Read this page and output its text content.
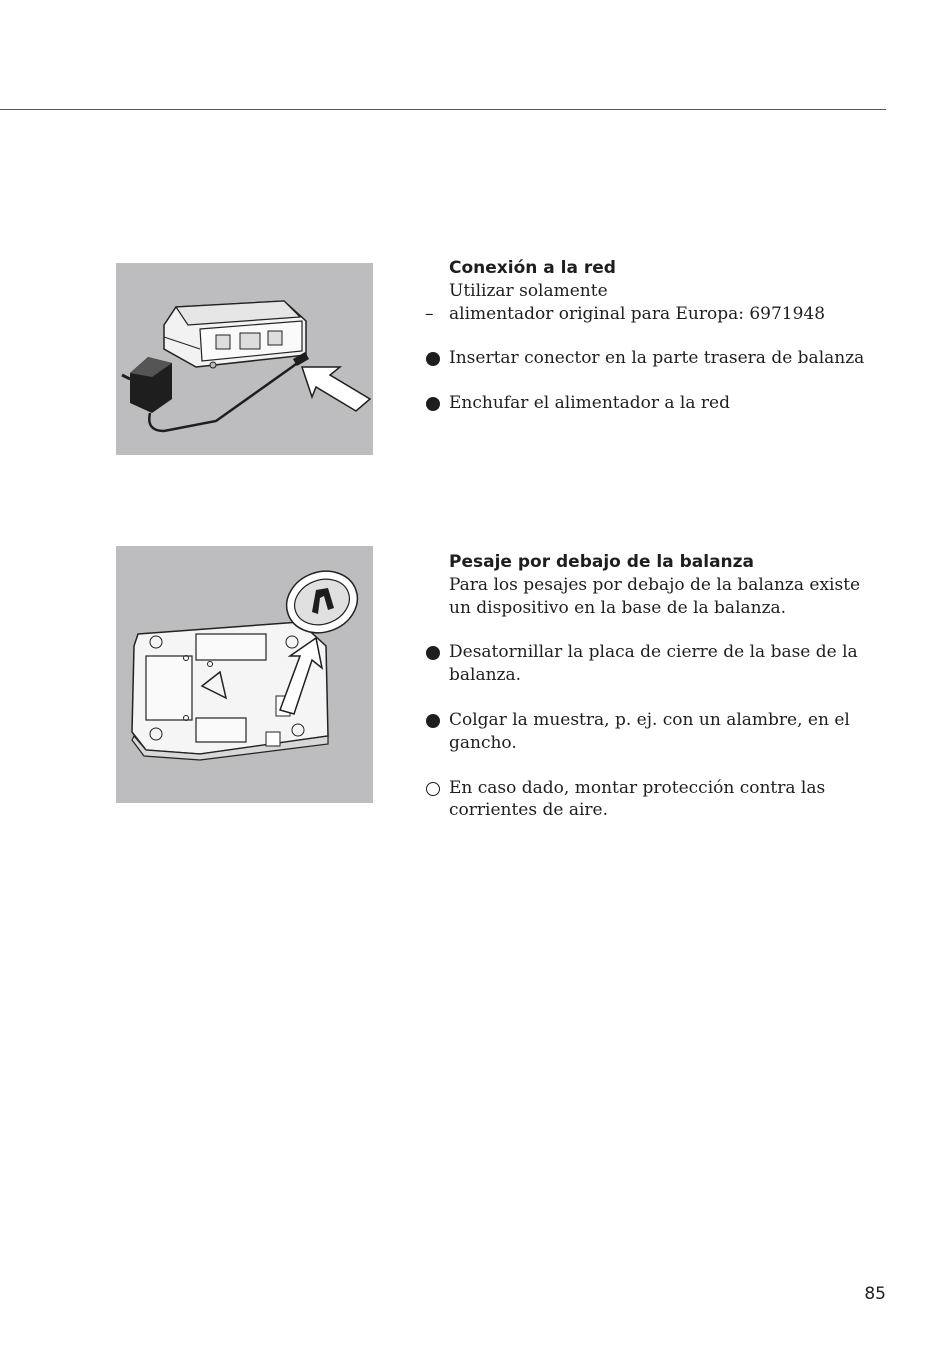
Conexión a la red
Utilizar solamente
– alimentador original para Europa: 6971948
Insertar conector en la parte trasera de balanza
Enchufar el alimentador a la red
Pesaje por debajo de la balanza
Para los pesajes por debajo de la balanza existe un dispositivo en la base de la balanza.
Desatornillar la placa de cierre de la base de la balanza.
Colgar la muestra, p. ej. con un alambre, en el gancho.
En caso dado, montar protección contra las corrientes de aire.
85
